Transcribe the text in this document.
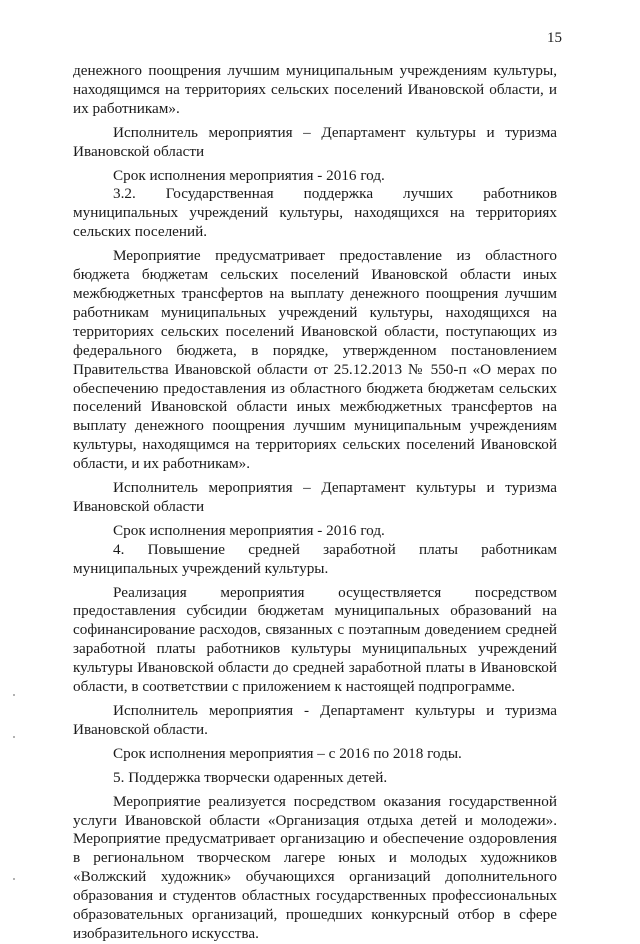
15

денежного поощрения лучшим муниципальным учреждениям культуры, находящимся на территориях сельских поселений Ивановской области, и их работникам».

Исполнитель мероприятия – Департамент культуры и туризма Ивановской области

Срок исполнения мероприятия - 2016 год.

3.2. Государственная поддержка лучших работников муниципальных учреждений культуры, находящихся на территориях сельских поселений.

Мероприятие предусматривает предоставление из областного бюджета бюджетам сельских поселений Ивановской области иных межбюджетных трансфертов на выплату денежного поощрения лучшим работникам муниципальных учреждений культуры, находящихся на территориях сельских поселений Ивановской области, поступающих из федерального бюджета, в порядке, утвержденном постановлением Правительства Ивановской области от 25.12.2013 № 550-п «О мерах по обеспечению предоставления из областного бюджета бюджетам сельских поселений Ивановской области иных межбюджетных трансфертов на выплату денежного поощрения лучшим муниципальным учреждениям культуры, находящимся на территориях сельских поселений Ивановской области, и их работникам».

Исполнитель мероприятия – Департамент культуры и туризма Ивановской области

Срок исполнения мероприятия - 2016 год.

4. Повышение средней заработной платы работникам муниципальных учреждений культуры.

Реализация мероприятия осуществляется посредством предоставления субсидии бюджетам муниципальных образований на софинансирование расходов, связанных с поэтапным доведением средней заработной платы работников культуры муниципальных учреждений культуры Ивановской области до средней заработной платы в Ивановской области, в соответствии с приложением к настоящей подпрограмме.

Исполнитель мероприятия - Департамент культуры и туризма Ивановской области.

Срок исполнения мероприятия – с 2016 по 2018 годы.

5. Поддержка творчески одаренных детей.

Мероприятие реализуется посредством оказания государственной услуги Ивановской области «Организация отдыха детей и молодежи». Мероприятие предусматривает организацию и обеспечение оздоровления в региональном творческом лагере юных и молодых художников «Волжский художник» обучающихся организаций дополнительного образования и студентов областных государственных профессиональных образовательных организаций, прошедших конкурсный отбор в сфере изобразительного искусства.
